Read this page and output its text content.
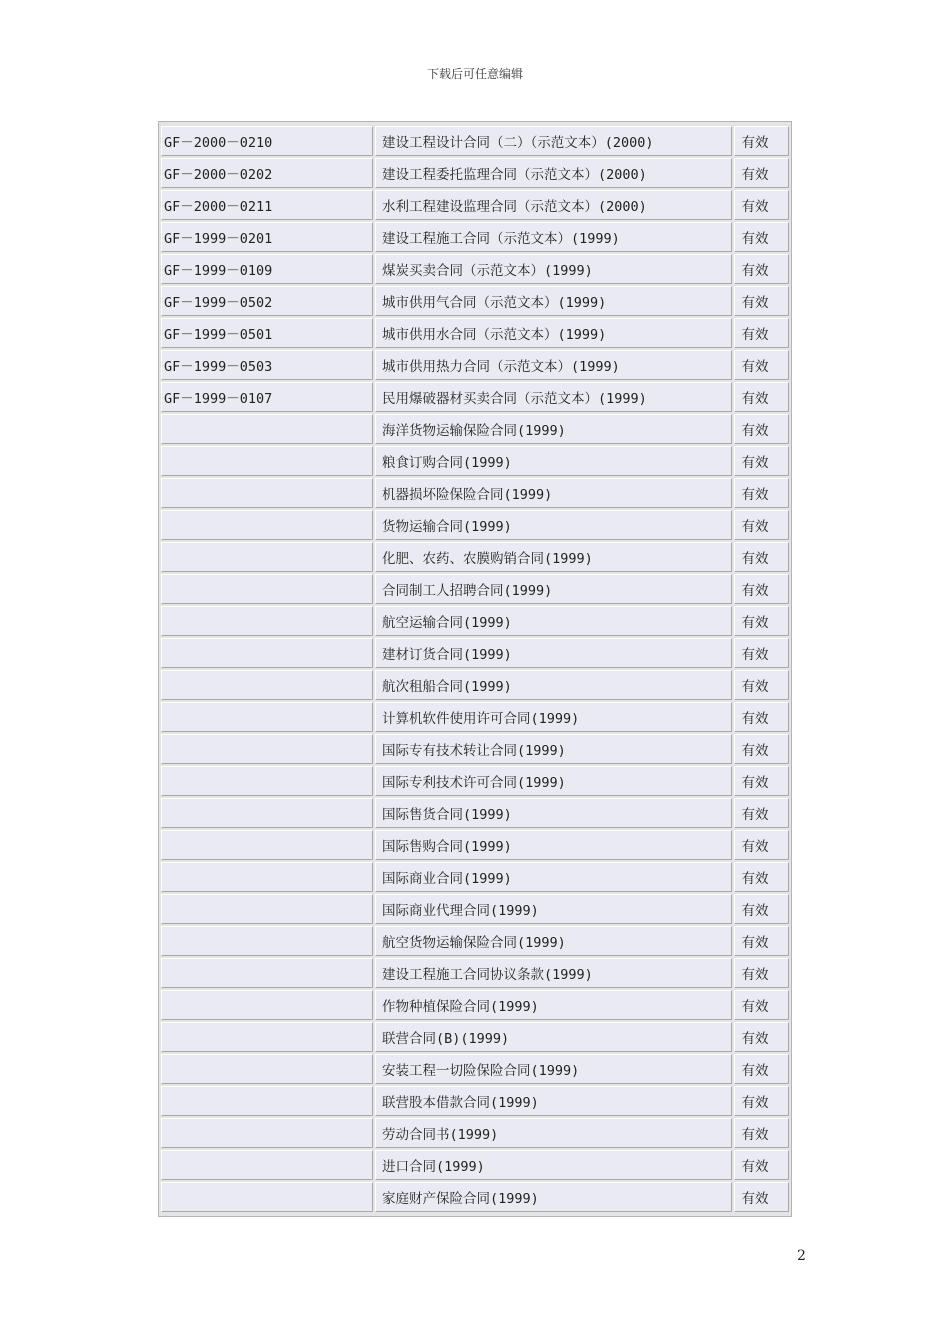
下载后可任意编辑
GF－2000－0210	建设工程设计合同（二）（示范文本）(2000)	有效
GF－2000－0202	建设工程委托监理合同（示范文本）(2000)	有效
GF－2000－0211	水利工程建设监理合同（示范文本）(2000)	有效
GF－1999－0201	建设工程施工合同（示范文本）(1999)	有效
GF－1999－0109	煤炭买卖合同（示范文本）(1999)	有效
GF－1999－0502	城市供用气合同（示范文本）(1999)	有效
GF－1999－0501	城市供用水合同（示范文本）(1999)	有效
GF－1999－0503	城市供用热力合同（示范文本）(1999)	有效
GF－1999－0107	民用爆破器材买卖合同（示范文本）(1999)	有效
	海洋货物运输保险合同(1999)	有效
	粮食订购合同(1999)	有效
	机器损坏险保险合同(1999)	有效
	货物运输合同(1999)	有效
	化肥、农药、农膜购销合同(1999)	有效
	合同制工人招聘合同(1999)	有效
	航空运输合同(1999)	有效
	建材订货合同(1999)	有效
	航次租船合同(1999)	有效
	计算机软件使用许可合同(1999)	有效
	国际专有技术转让合同(1999)	有效
	国际专利技术许可合同(1999)	有效
	国际售货合同(1999)	有效
	国际售购合同(1999)	有效
	国际商业合同(1999)	有效
	国际商业代理合同(1999)	有效
	航空货物运输保险合同(1999)	有效
	建设工程施工合同协议条款(1999)	有效
	作物种植保险合同(1999)	有效
	联营合同(B)(1999)	有效
	安装工程一切险保险合同(1999)	有效
	联营股本借款合同(1999)	有效
	劳动合同书(1999)	有效
	进口合同(1999)	有效
	家庭财产保险合同(1999)	有效
2
